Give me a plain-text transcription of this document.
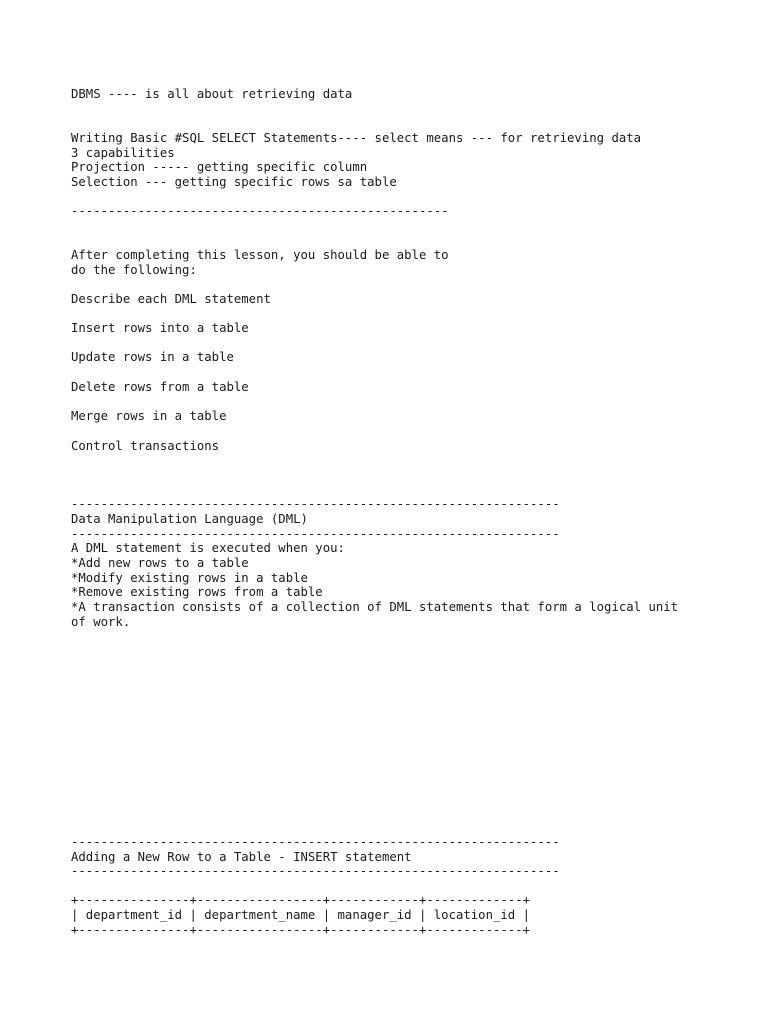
DBMS ---- is all about retrieving data

Writing Basic #SQL SELECT Statements---- select means --- for retrieving data

3 capabilities

Projection ----- getting specific column

Selection --- getting specific rows sa table

---------------------------------------------------

After completing this lesson, you should be able to

do the following:

Describe each DML statement

Insert rows into a table

Update rows in a table

Delete rows from a table

Merge rows in a table

Control transactions

------------------------------------------------------------------

Data Manipulation Language (DML)

------------------------------------------------------------------

A DML statement is executed when you:

*Add new rows to a table

*Modify existing rows in a table

*Remove existing rows from a table

*A transaction consists of a collection of DML statements that form a logical unit

of work.

------------------------------------------------------------------

Adding a New Row to a Table - INSERT statement

------------------------------------------------------------------

+---------------+-----------------+------------+-------------+

| department_id | department_name | manager_id | location_id |

+---------------+-----------------+------------+-------------+
